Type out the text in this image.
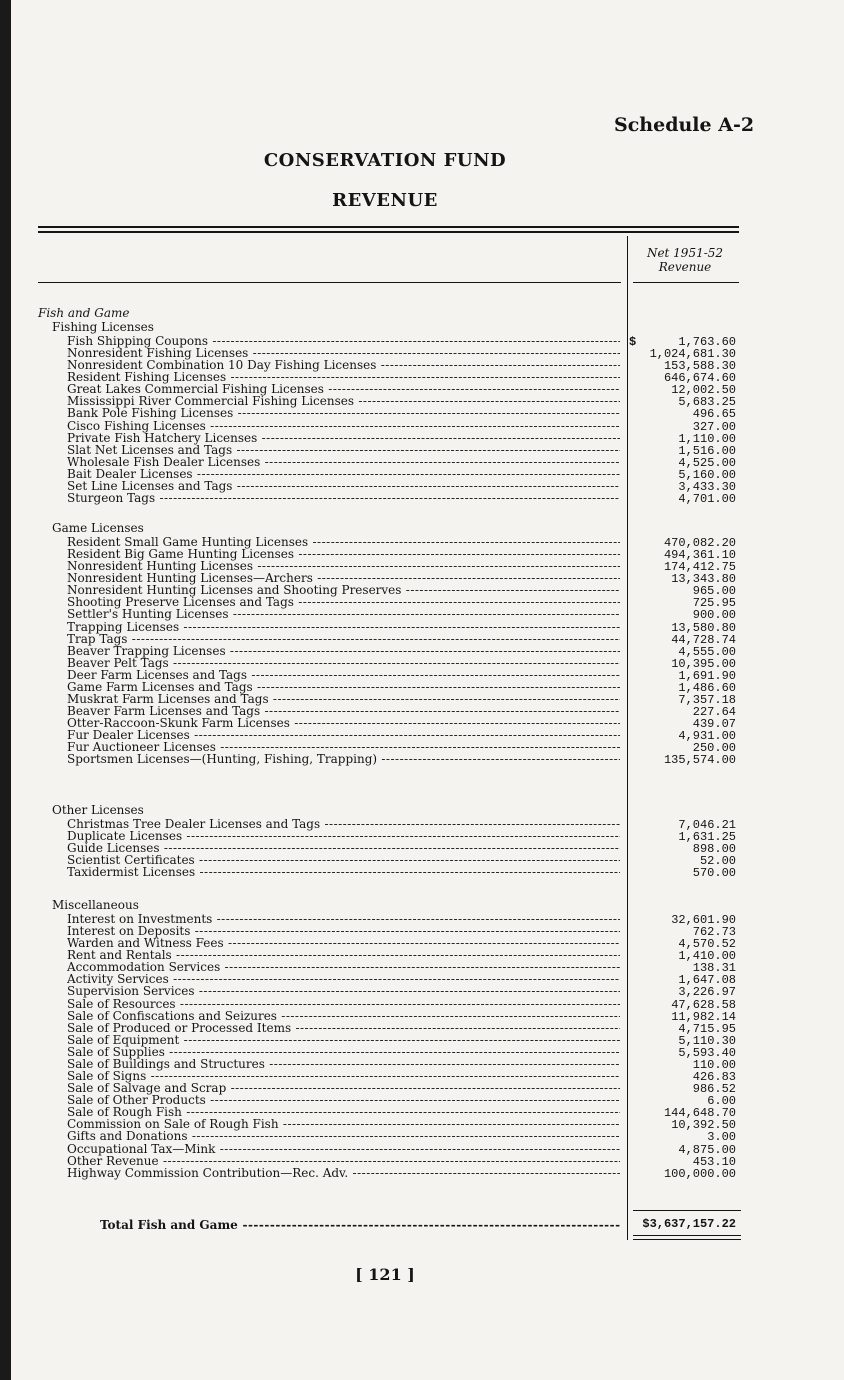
Schedule A-2
CONSERVATION FUND
REVENUE
Net 1951-52
Revenue
Fish and Game
Fishing Licenses
Fish Shipping Coupons -----	$	1,763.60
Nonresident Fishing Licenses -----	1,024,681.30
Nonresident Combination 10 Day Fishing Licenses -----	153,588.30
Resident Fishing Licenses -----	646,674.60
Great Lakes Commercial Fishing Licenses -----	12,002.50
Mississippi River Commercial Fishing Licenses -----	5,683.25
Bank Pole Fishing Licenses -----	496.65
Cisco Fishing Licenses -----	327.00
Private Fish Hatchery Licenses -----	1,110.00
Slat Net Licenses and Tags -----	1,516.00
Wholesale Fish Dealer Licenses -----	4,525.00
Bait Dealer Licenses -----	5,160.00
Set Line Licenses and Tags -----	3,433.30
Sturgeon Tags -----	4,701.00
Game Licenses
Resident Small Game Hunting Licenses -----	470,082.20
Resident Big Game Hunting Licenses -----	494,361.10
Nonresident Hunting Licenses -----	174,412.75
Nonresident Hunting Licenses—Archers -----	13,343.80
Nonresident Hunting Licenses and Shooting Preserves -----	965.00
Shooting Preserve Licenses and Tags -----	725.95
Settler's Hunting Licenses -----	900.00
Trapping Licenses -----	13,580.80
Trap Tags -----	44,728.74
Beaver Trapping Licenses -----	4,555.00
Beaver Pelt Tags -----	10,395.00
Deer Farm Licenses and Tags -----	1,691.90
Game Farm Licenses and Tags -----	1,486.60
Muskrat Farm Licenses and Tags -----	7,357.18
Beaver Farm Licenses and Tags -----	227.64
Otter-Raccoon-Skunk Farm Licenses -----	439.07
Fur Dealer Licenses -----	4,931.00
Fur Auctioneer Licenses -----	250.00
Sportsmen Licenses—(Hunting, Fishing, Trapping) -----	135,574.00
Other Licenses
Christmas Tree Dealer Licenses and Tags -----	7,046.21
Duplicate Licenses -----	1,631.25
Guide Licenses -----	898.00
Scientist Certificates -----	52.00
Taxidermist Licenses -----	570.00
Miscellaneous
Interest on Investments -----	32,601.90
Interest on Deposits -----	762.73
Warden and Witness Fees -----	4,570.52
Rent and Rentals -----	1,410.00
Accommodation Services -----	138.31
Activity Services -----	1,647.08
Supervision Services -----	3,226.97
Sale of Resources -----	47,628.58
Sale of Confiscations and Seizures -----	11,982.14
Sale of Produced or Processed Items -----	4,715.95
Sale of Equipment -----	5,110.30
Sale of Supplies -----	5,593.40
Sale of Buildings and Structures -----	110.00
Sale of Signs -----	426.83
Sale of Salvage and Scrap -----	986.52
Sale of Other Products -----	6.00
Sale of Rough Fish -----	144,648.70
Commission on Sale of Rough Fish -----	10,392.50
Gifts and Donations -----	3.00
Occupational Tax—Mink -----	4,875.00
Other Revenue -----	453.10
Highway Commission Contribution—Rec. Adv. -----	100,000.00
Total Fish and Game -----	$3,637,157.22
[ 121 ]
